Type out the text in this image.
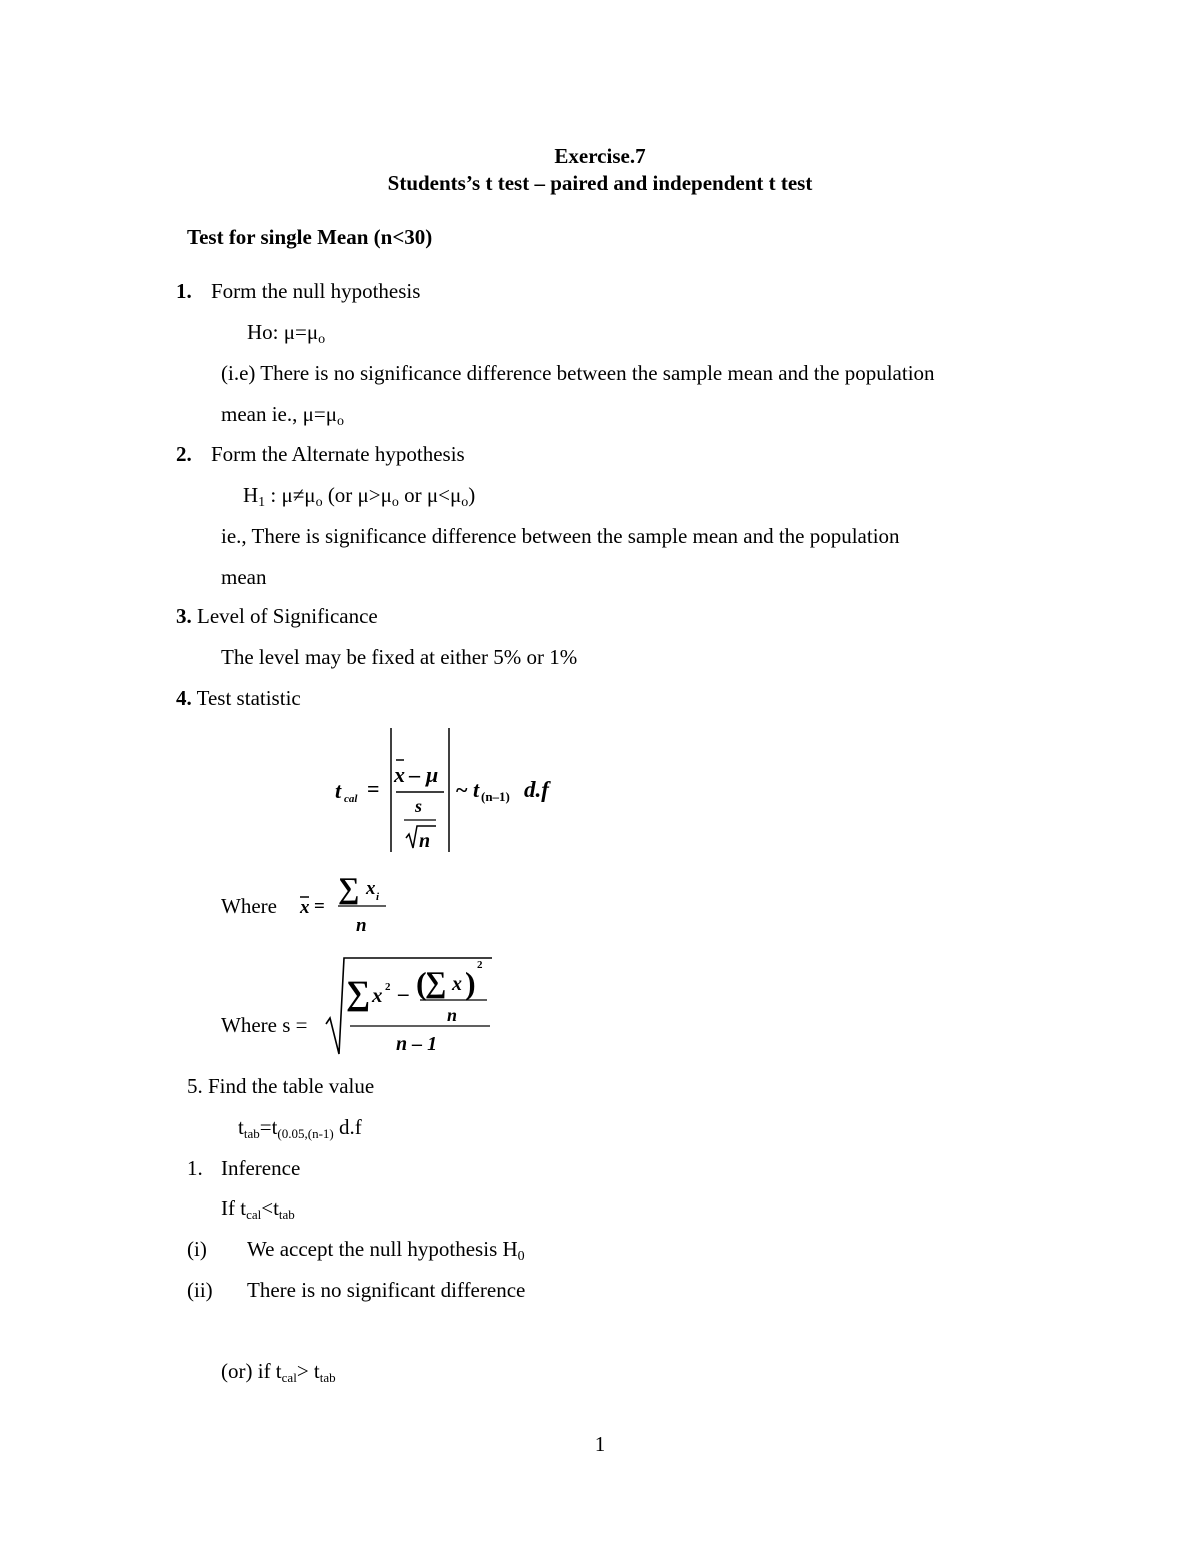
Exercise.7
Students’s t test – paired and independent t test
Test for single Mean (n<30)
1. Form the null hypothesis
Ho: $\mu=\mu_o$
(i.e) There is no significance difference between the sample mean and the population
mean ie., $\mu=\mu_o$
2. Form the Alternate hypothesis
$H_1$ : $\mu\ne\mu_o$ (or $\mu>\mu_o$ or $\mu<\mu_o$)
ie., There is significance difference between the sample mean and the population
mean
3. Level of Significance
The level may be fixed at either 5% or 1%
4. Test statistic
t cal =
x – μ
s
n
~ t (n–1) d.f
Where x =
∑ x i
n
Where s =
∑ x 2 – (
∑ x ) 2
n
n – 1
5. Find the table value
$t_{tab}=t_{(0.05,(n-1)}$ d.f
1. Inference
If $t_{cal}<t_{tab}$
(i) We accept the null hypothesis $H_0$
(ii) There is no significant difference
(or) if $t_{cal}> t_{tab}$
1
